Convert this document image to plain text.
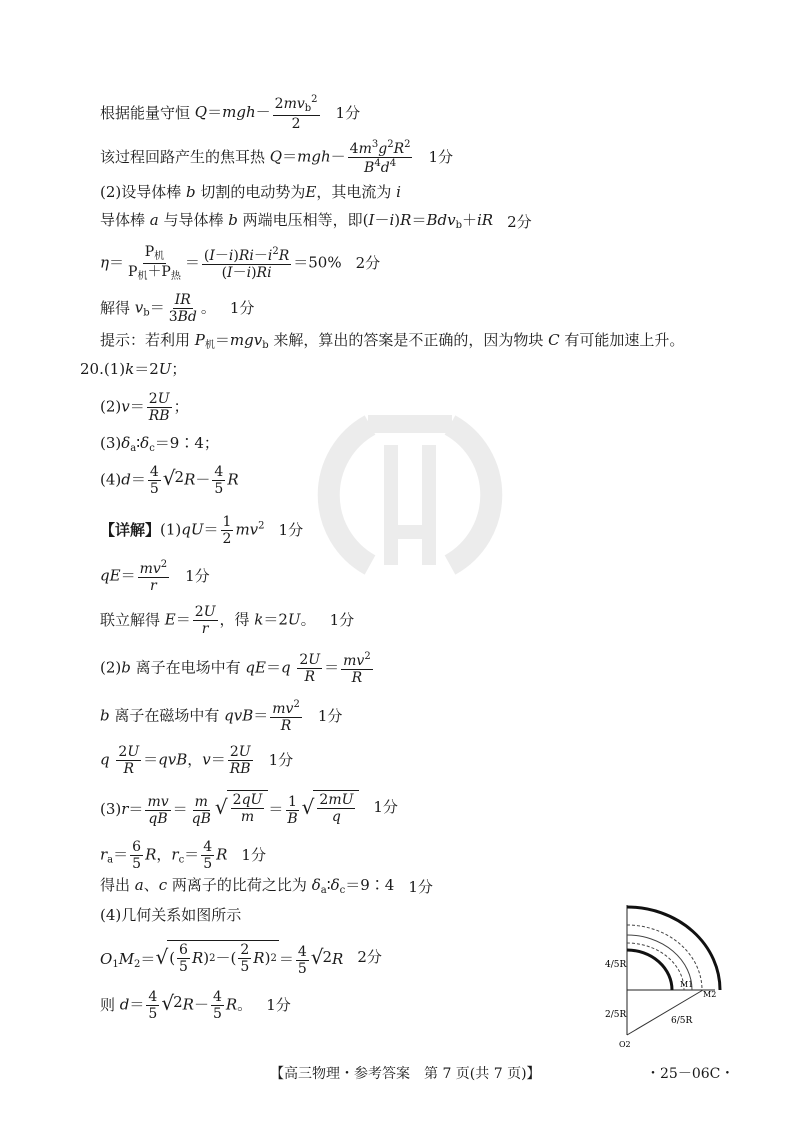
根据能量守恒 $Q=mgh- \frac{2mv_b^2}{2} 1$分
该过程回路产生的焦耳热 $Q=mgh- \frac{4m^3g^2R^2}{B^4d^4} 1$分
(2)设导体棒 b 切割的电动势为E，其电流为 i
导体棒 a 与导体棒 b 两端电压相等，即(I－i)R＝Bdv$_b$＋iR 2分
$\eta= \frac{P_机}{P_机+P_热} = \frac{(I-i)Ri-i^2R}{(I-i)Ri} =50\%$ 2分
解得 $v_b= \frac{IR}{3Bd}$ 。 1分
提示：若利用 $P_机=mgv_b$ 来解，算出的答案是不正确的，因为物块 C 有可能加速上升。
20. (1)k＝2U；
$(2)v= \frac{2U}{RB}$ ；
$(3)\delta_a∶\delta_c=9∶4$；
$(4)d= \frac{4}{5}$ √ 2 $R- \frac{4}{5}$ R
【详解】 $(1)qU= \frac{1}{2} mv^2$ 1分
$qE= \frac{mv^2}{r} 1$分
联立解得 $E= \frac{2U}{r}$ ，得 k＝2U。 1分
(2)b 离子在电场中有 $qE=q \frac{2U}{R} = \frac{mv^2}{R}$
b 离子在磁场中有 $qvB= \frac{mv^2}{R} 1$分
q $\frac{2U}{R} =qvB$，$v= \frac{2U}{RB} 1$分
$(3)r= \frac{mv}{qB} = \frac{m}{qB}$ √ $\frac{2qU}{m} = \frac{1}{B}$ √ $\frac{2mU}{q} 1$分
$r_a= \frac{6}{5}$ R，$r_c= \frac{4}{5}$ R 1分
得出 a、c 两离子的比荷之比为 $\delta_a∶\delta_c=9∶4$ 1分
(4)几何关系如图所示
$O_1M_2=$ √ ( $\frac{6}{5}$ R ) 2 －( $\frac{2}{5}$ R ) $2 = \frac{4}{5}$ √ 2 R 2分
则 $d= \frac{4}{5}$ √ 2 $R- \frac{4}{5}$ R。 1分
4/5R
2/5R
6/5R
M1
M2
O2
【高三物理・参考答案　第 7 页(共 7 页)】	・25－06C・
